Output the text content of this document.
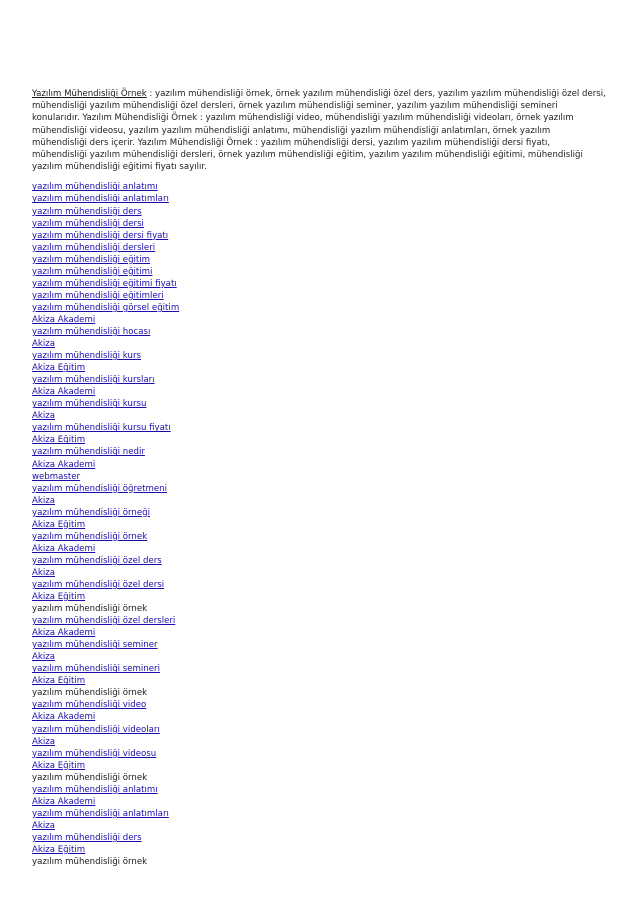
Yazılım Mühendisliği Örnek : yazılım mühendisliği örnek, örnek yazılım mühendisliği özel ders, yazılım yazılım mühendisliği özel dersi, mühendisliği yazılım mühendisliği özel dersleri, örnek yazılım mühendisliği seminer, yazılım yazılım mühendisliği semineri konularıdır. Yazılım Mühendisliği Örnek : yazılım mühendisliği video, mühendisliği yazılım mühendisliği videoları, örnek yazılım mühendisliği videosu, yazılım yazılım mühendisliği anlatımı, mühendisliği yazılım mühendisliği anlatımları, örnek yazılım mühendisliği ders içerir. Yazılım Mühendisliği Örnek : yazılım mühendisliği dersi, yazılım yazılım mühendisliği dersi fiyatı, mühendisliği yazılım mühendisliği dersleri, örnek yazılım mühendisliği eğitim, yazılım yazılım mühendisliği eğitimi, mühendisliği yazılım mühendisliği eğitimi fiyatı sayılır.

yazılım mühendisliği anlatımı
yazılım mühendisliği anlatımları
yazılım mühendisliği ders
yazılım mühendisliği dersi
yazılım mühendisliği dersi fiyatı
yazılım mühendisliği dersleri
yazılım mühendisliği eğitim
yazılım mühendisliği eğitimi
yazılım mühendisliği eğitimi fiyatı
yazılım mühendisliği eğitimleri
yazılım mühendisliği görsel eğitim
Akiza Akademi
yazılım mühendisliği hocası
Akiza
yazılım mühendisliği kurs
Akiza Eğitim
yazılım mühendisliği kursları
Akiza Akademi
yazılım mühendisliği kursu
Akiza
yazılım mühendisliği kursu fiyatı
Akiza Eğitim
yazılım mühendisliği nedir
Akiza Akademi
webmaster
yazılım mühendisliği öğretmeni
Akiza
yazılım mühendisliği örneği
Akiza Eğitim
yazılım mühendisliği örnek
Akiza Akademi
yazılım mühendisliği özel ders
Akiza
yazılım mühendisliği özel dersi
Akiza Eğitim
yazılım mühendisliği örnek
yazılım mühendisliği özel dersleri
Akiza Akademi
yazılım mühendisliği seminer
Akiza
yazılım mühendisliği semineri
Akiza Eğitim
yazılım mühendisliği örnek
yazılım mühendisliği video
Akiza Akademi
yazılım mühendisliği videoları
Akiza
yazılım mühendisliği videosu
Akiza Eğitim
yazılım mühendisliği örnek
yazılım mühendisliği anlatımı
Akiza Akademi
yazılım mühendisliği anlatımları
Akiza
yazılım mühendisliği ders
Akiza Eğitim
yazılım mühendisliği örnek
